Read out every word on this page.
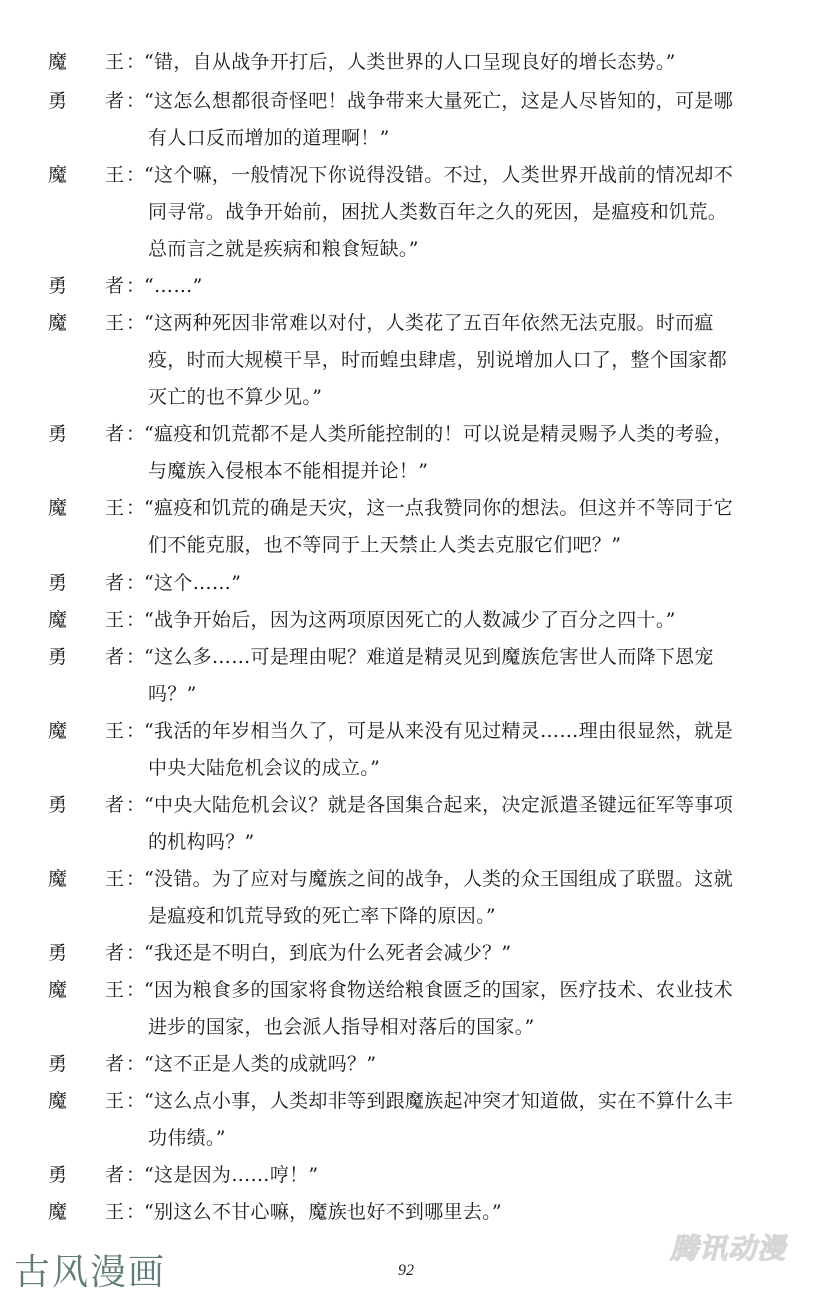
魔 王 ：
“错，自从战争开打后，人类世界的人口呈现良好的增长态势。”
勇 者 ：
“这怎么想都很奇怪吧！战争带来大量死亡，这是人尽皆知的，可是哪
有人口反而增加的道理啊！”
魔 王 ：
“这个嘛，一般情况下你说得没错。不过，人类世界开战前的情况却不
同寻常。战争开始前，困扰人类数百年之久的死因，是瘟疫和饥荒。
总而言之就是疾病和粮食短缺。”
勇 者 ：
“……”
魔 王 ：
“这两种死因非常难以对付，人类花了五百年依然无法克服。时而瘟
疫，时而大规模干旱，时而蝗虫肆虐，别说增加人口了，整个国家都
灭亡的也不算少见。”
勇 者 ：
“瘟疫和饥荒都不是人类所能控制的！可以说是精灵赐予人类的考验，
与魔族入侵根本不能相提并论！”
魔 王 ：
“瘟疫和饥荒的确是天灾，这一点我赞同你的想法。但这并不等同于它
们不能克服，也不等同于上天禁止人类去克服它们吧？”
勇 者 ：
“这个……”
魔 王 ：
“战争开始后，因为这两项原因死亡的人数减少了百分之四十。”
勇 者 ：
“这么多……可是理由呢？难道是精灵见到魔族危害世人而降下恩宠
吗？”
魔 王 ：
“我活的年岁相当久了，可是从来没有见过精灵……理由很显然，就是
中央大陆危机会议的成立。”
勇 者 ：
“中央大陆危机会议？就是各国集合起来，决定派遣圣键远征军等事项
的机构吗？”
魔 王 ：
“没错。为了应对与魔族之间的战争，人类的众王国组成了联盟。这就
是瘟疫和饥荒导致的死亡率下降的原因。”
勇 者 ：
“我还是不明白，到底为什么死者会减少？”
魔 王 ：
“因为粮食多的国家将食物送给粮食匮乏的国家，医疗技术、农业技术
进步的国家，也会派人指导相对落后的国家。”
勇 者 ：
“这不正是人类的成就吗？”
魔 王 ：
“这么点小事，人类却非等到跟魔族起冲突才知道做，实在不算什么丰
功伟绩。”
勇 者 ：
“这是因为……哼！”
魔 王 ：
“别这么不甘心嘛，魔族也好不到哪里去。”
古风漫画	92
腾讯动漫
